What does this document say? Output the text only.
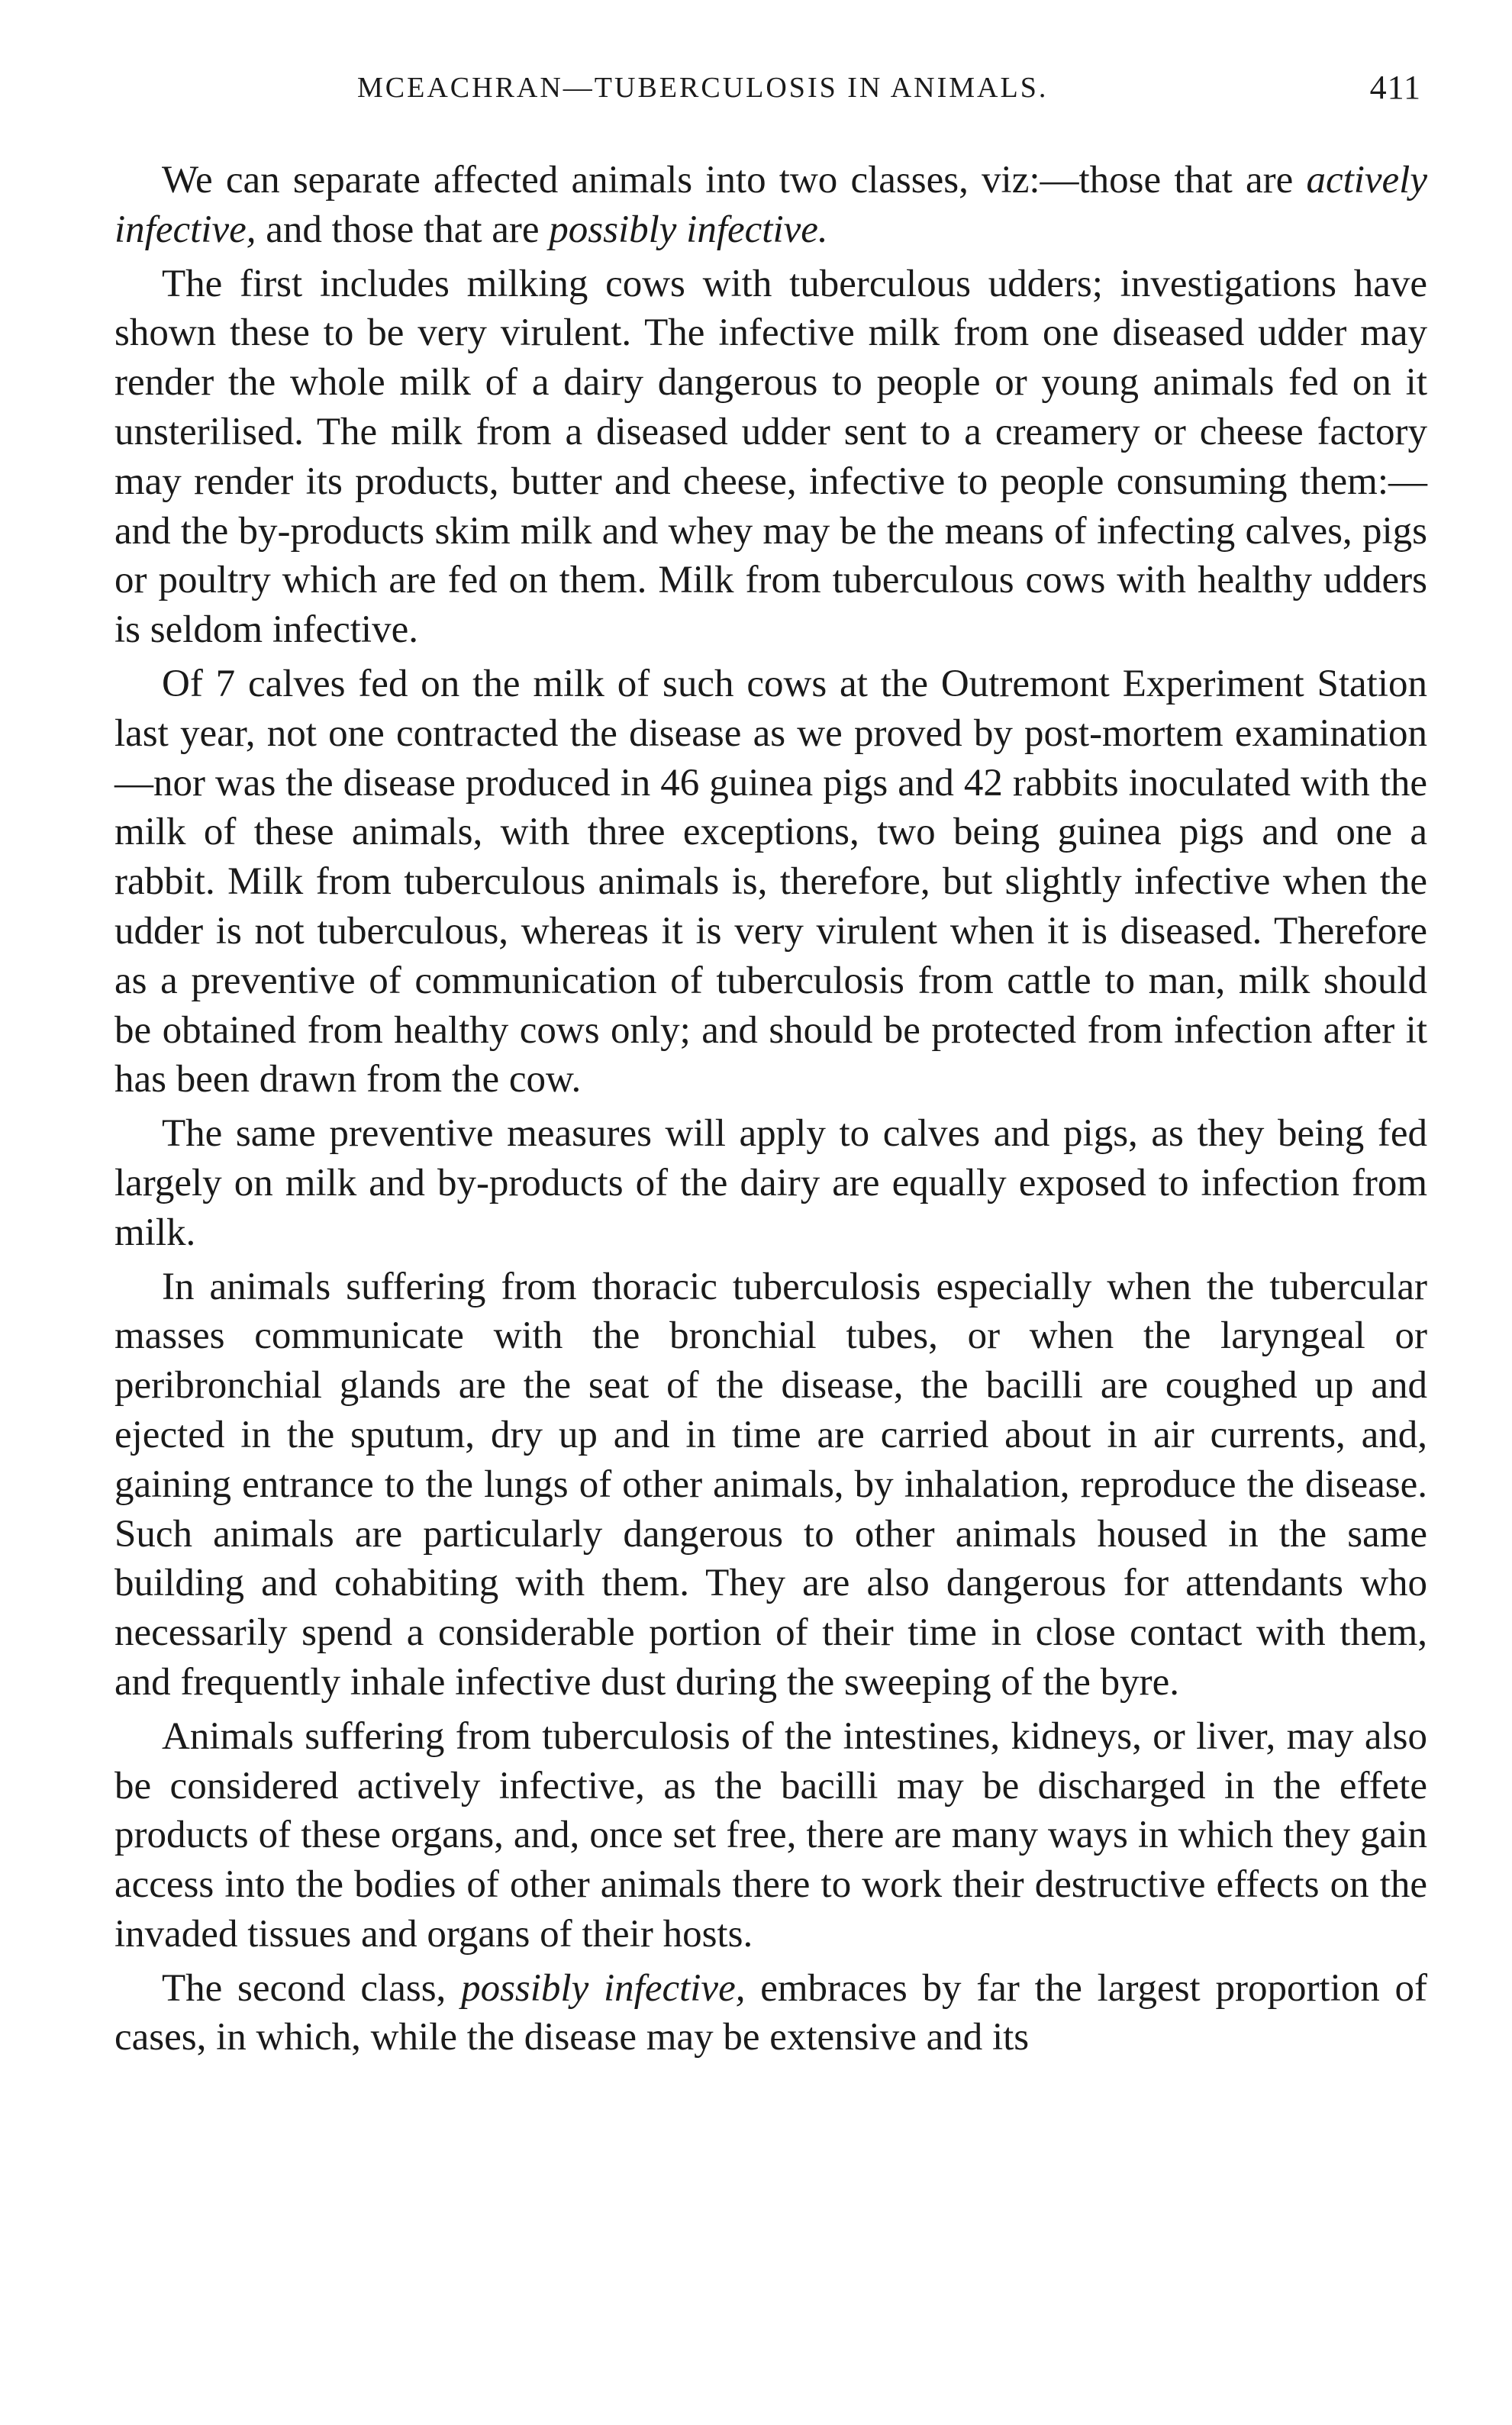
MCEACHRAN—TUBERCULOSIS IN ANIMALS.	411

We can separate affected animals into two classes, viz:—those that are actively infective, and those that are possibly infective.

The first includes milking cows with tuberculous udders; investigations have shown these to be very virulent. The infective milk from one diseased udder may render the whole milk of a dairy dangerous to people or young animals fed on it unsterilised. The milk from a diseased udder sent to a creamery or cheese factory may render its products, butter and cheese, infective to people consuming them:—and the by-products skim milk and whey may be the means of infecting calves, pigs or poultry which are fed on them. Milk from tuberculous cows with healthy udders is seldom infective.

Of 7 calves fed on the milk of such cows at the Outremont Experiment Station last year, not one contracted the disease as we proved by post-mortem examination—nor was the disease produced in 46 guinea pigs and 42 rabbits inoculated with the milk of these animals, with three exceptions, two being guinea pigs and one a rabbit. Milk from tuberculous animals is, therefore, but slightly infective when the udder is not tuberculous, whereas it is very virulent when it is diseased. Therefore as a preventive of communication of tuberculosis from cattle to man, milk should be obtained from healthy cows only; and should be protected from infection after it has been drawn from the cow.

The same preventive measures will apply to calves and pigs, as they being fed largely on milk and by-products of the dairy are equally exposed to infection from milk.

In animals suffering from thoracic tuberculosis especially when the tubercular masses communicate with the bronchial tubes, or when the laryngeal or peribronchial glands are the seat of the disease, the bacilli are coughed up and ejected in the sputum, dry up and in time are carried about in air currents, and, gaining entrance to the lungs of other animals, by inhalation, reproduce the disease. Such animals are particularly dangerous to other animals housed in the same building and cohabiting with them. They are also dangerous for attendants who necessarily spend a considerable portion of their time in close contact with them, and frequently inhale infective dust during the sweeping of the byre.

Animals suffering from tuberculosis of the intestines, kidneys, or liver, may also be considered actively infective, as the bacilli may be discharged in the effete products of these organs, and, once set free, there are many ways in which they gain access into the bodies of other animals there to work their destructive effects on the invaded tissues and organs of their hosts.

The second class, possibly infective, embraces by far the largest proportion of cases, in which, while the disease may be extensive and its
